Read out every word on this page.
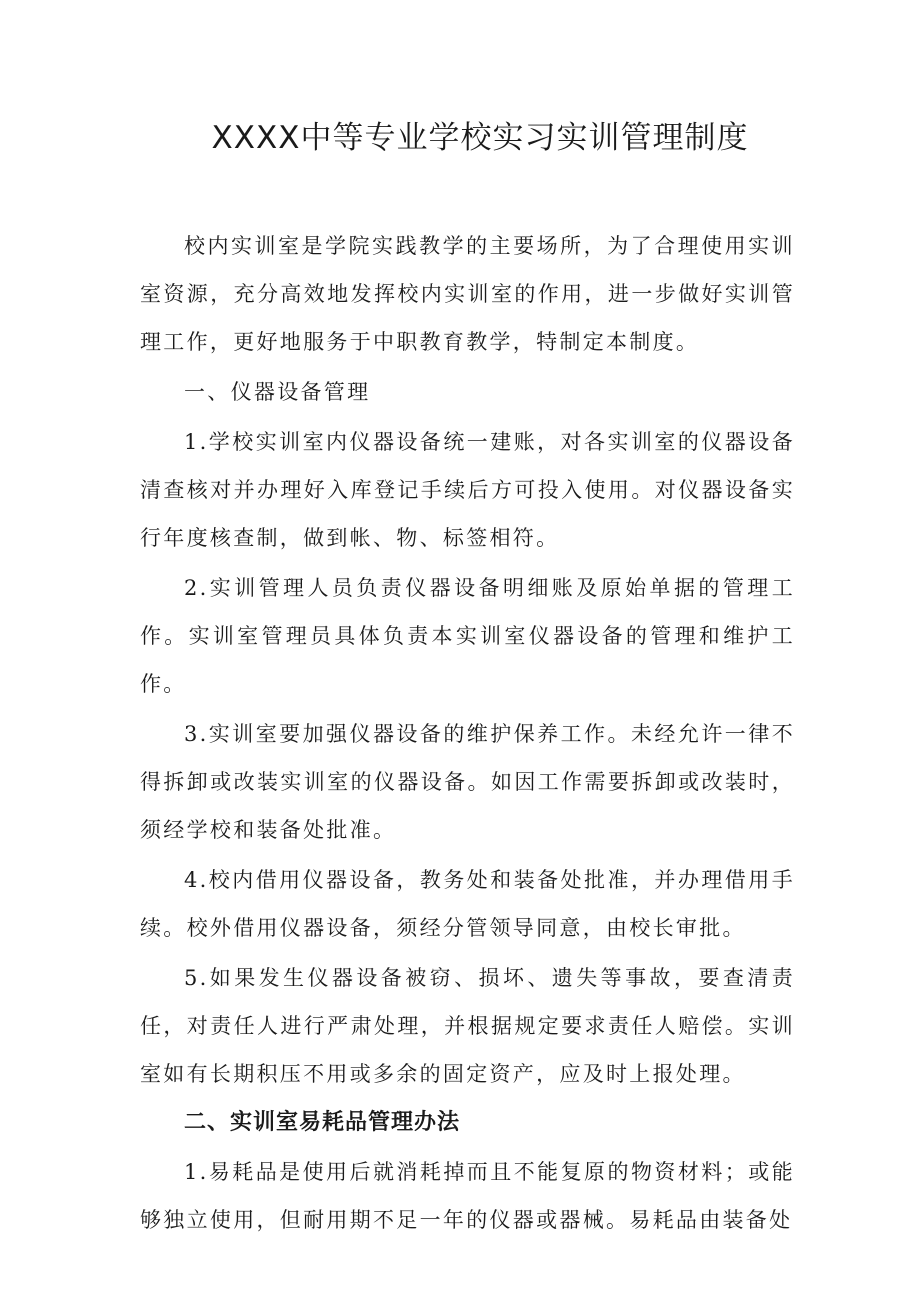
XXXX中等专业学校实习实训管理制度

校内实训室是学院实践教学的主要场所，为了合理使用实训室资源，充分高效地发挥校内实训室的作用，进一步做好实训管理工作，更好地服务于中职教育教学，特制定本制度。

一、仪器设备管理

1.学校实训室内仪器设备统一建账，对各实训室的仪器设备清查核对并办理好入库登记手续后方可投入使用。对仪器设备实行年度核查制，做到帐、物、标签相符。

2.实训管理人员负责仪器设备明细账及原始单据的管理工作。实训室管理员具体负责本实训室仪器设备的管理和维护工作。

3.实训室要加强仪器设备的维护保养工作。未经允许一律不得拆卸或改装实训室的仪器设备。如因工作需要拆卸或改装时，须经学校和装备处批准。

4.校内借用仪器设备，教务处和装备处批准，并办理借用手续。校外借用仪器设备，须经分管领导同意，由校长审批。

5.如果发生仪器设备被窃、损坏、遗失等事故，要查清责任，对责任人进行严肃处理，并根据规定要求责任人赔偿。实训室如有长期积压不用或多余的固定资产，应及时上报处理。

二、实训室易耗品管理办法

1.易耗品是使用后就消耗掉而且不能复原的物资材料；或能够独立使用，但耐用期不足一年的仪器或器械。易耗品由装备处
